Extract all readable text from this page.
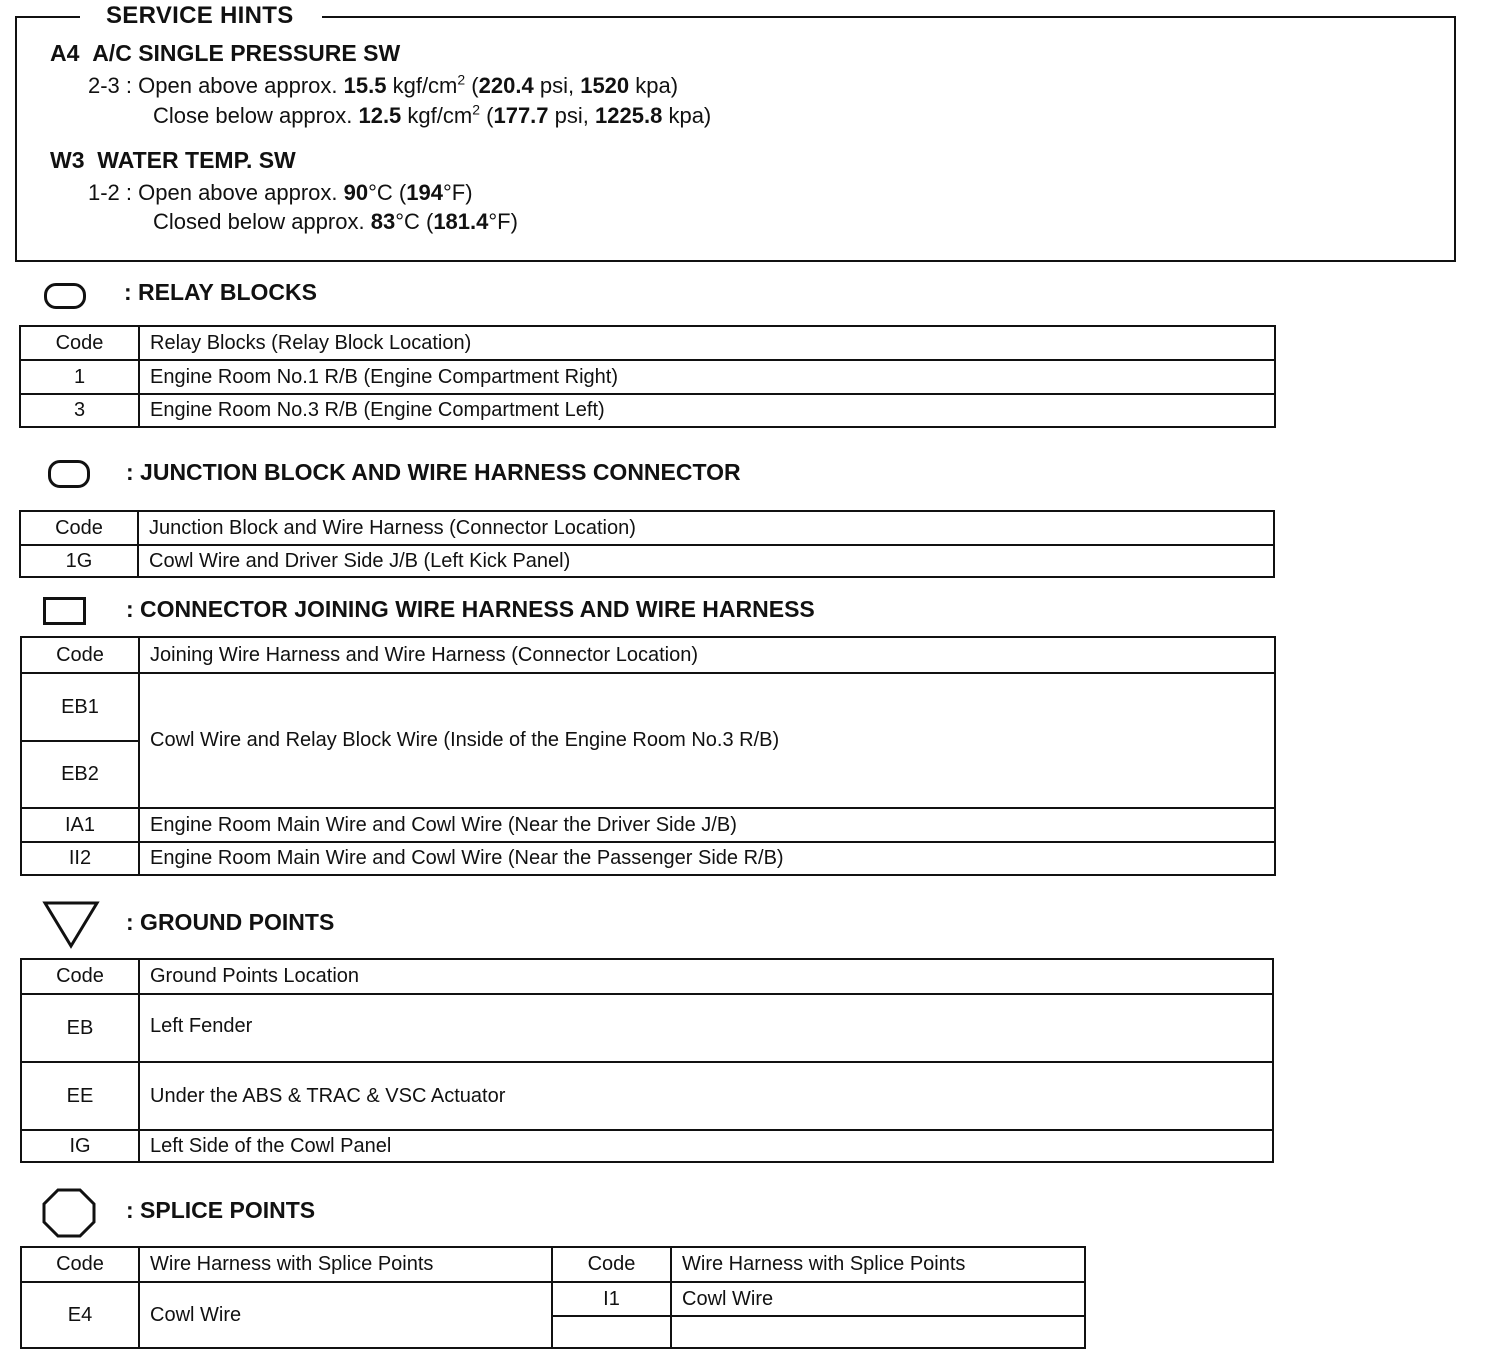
SERVICE HINTS
A4 A/C SINGLE PRESSURE SW
2-3 : Open above approx. 15.5 kgf/$cm^2$ (220.4 psi, 1520 kpa)
Close below approx. 12.5 kgf/$cm^2$ (177.7 psi, 1225.8 kpa)
W3 WATER TEMP. SW
1-2 : Open above approx. 90°C (194°F)
Closed below approx. 83°C (181.4°F)
: RELAY BLOCKS
Code	Relay Blocks (Relay Block Location)
1	Engine Room No.1 R/B (Engine Compartment Right)
3	Engine Room No.3 R/B (Engine Compartment Left)
: JUNCTION BLOCK AND WIRE HARNESS CONNECTOR
Code	Junction Block and Wire Harness (Connector Location)
1G	Cowl Wire and Driver Side J/B (Left Kick Panel)
: CONNECTOR JOINING WIRE HARNESS AND WIRE HARNESS
Code	Joining Wire Harness and Wire Harness (Connector Location)
EB1	Cowl Wire and Relay Block Wire (Inside of the Engine Room No.3 R/B)
EB2	
IA1	Engine Room Main Wire and Cowl Wire (Near the Driver Side J/B)
II2	Engine Room Main Wire and Cowl Wire (Near the Passenger Side R/B)
: GROUND POINTS
Code	Ground Points Location
EB	Left Fender
EE	Under the ABS & TRAC & VSC Actuator
IG	Left Side of the Cowl Panel
: SPLICE POINTS
Code	Wire Harness with Splice Points	Code	Wire Harness with Splice Points
E4	Cowl Wire	I1	Cowl Wire
